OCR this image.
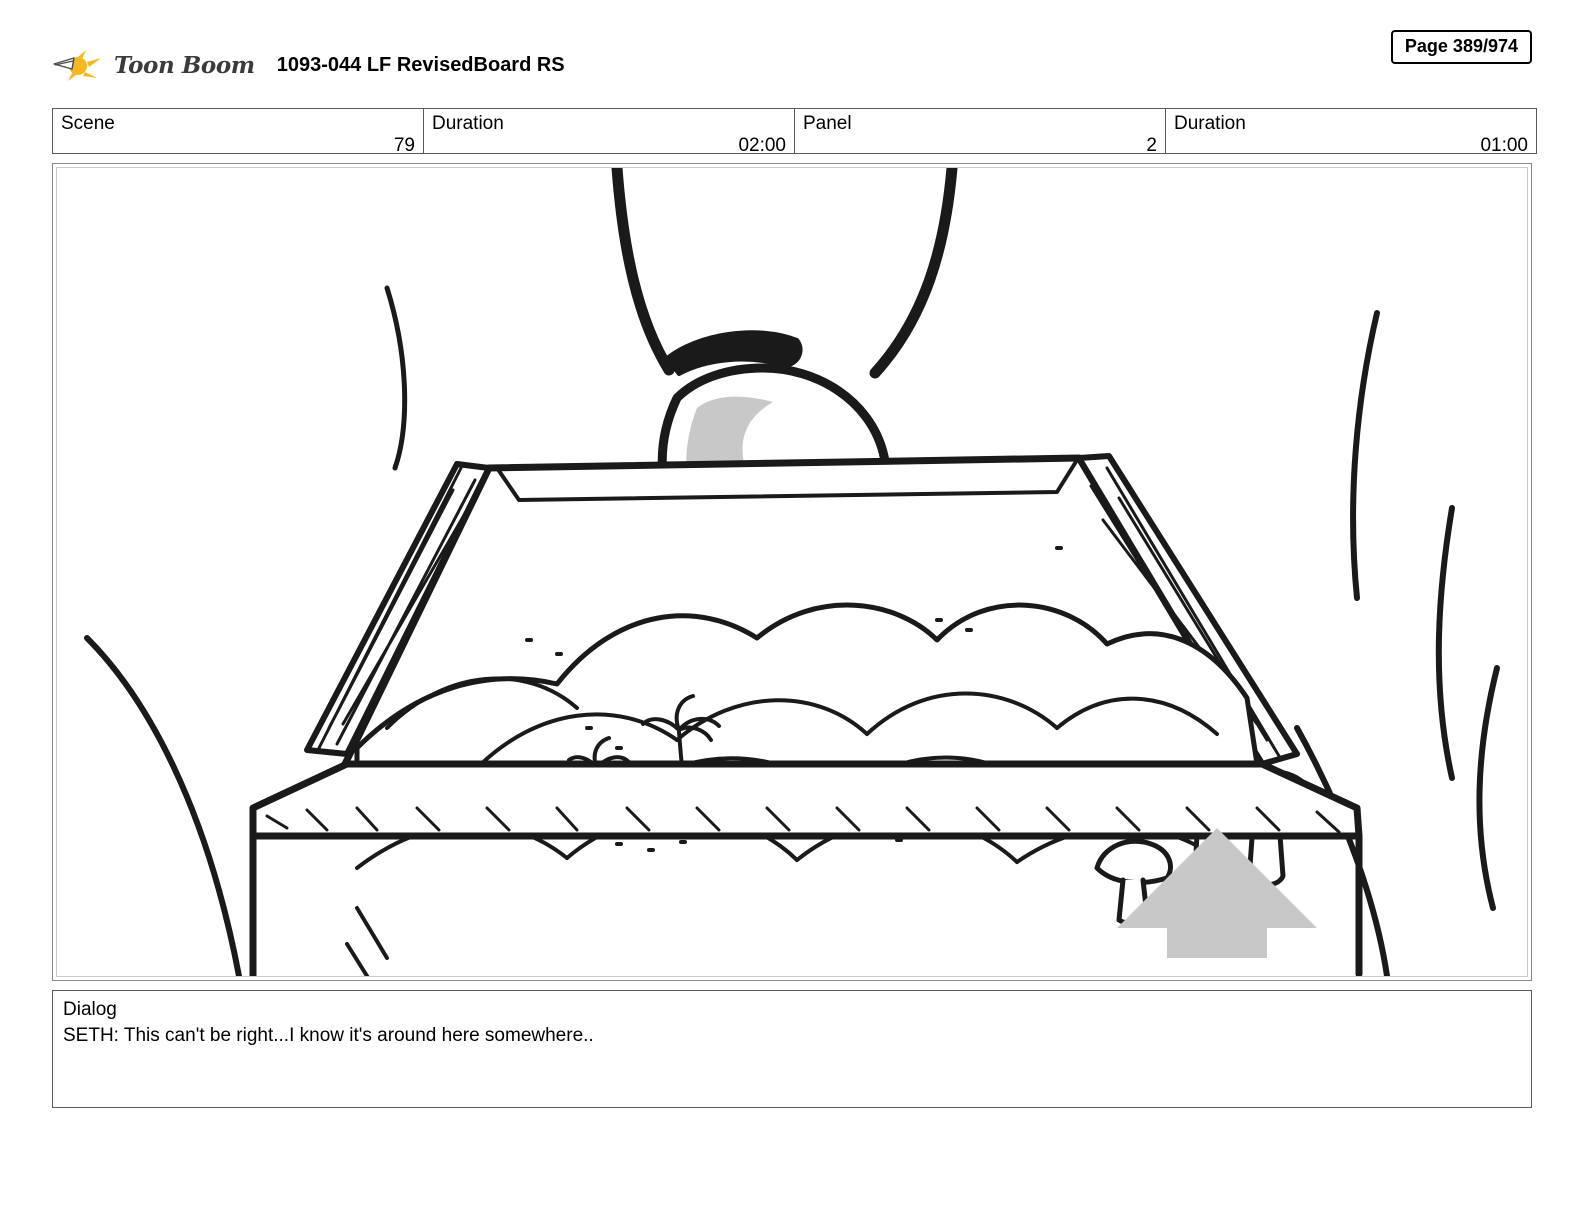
Toon Boom 1093-044 LF RevisedBoard RS
Page 389/974
Scene
79

Duration
02:00

Panel
2

Duration
01:00
Dialog
SETH: This can't be right...I know it's around here somewhere..
